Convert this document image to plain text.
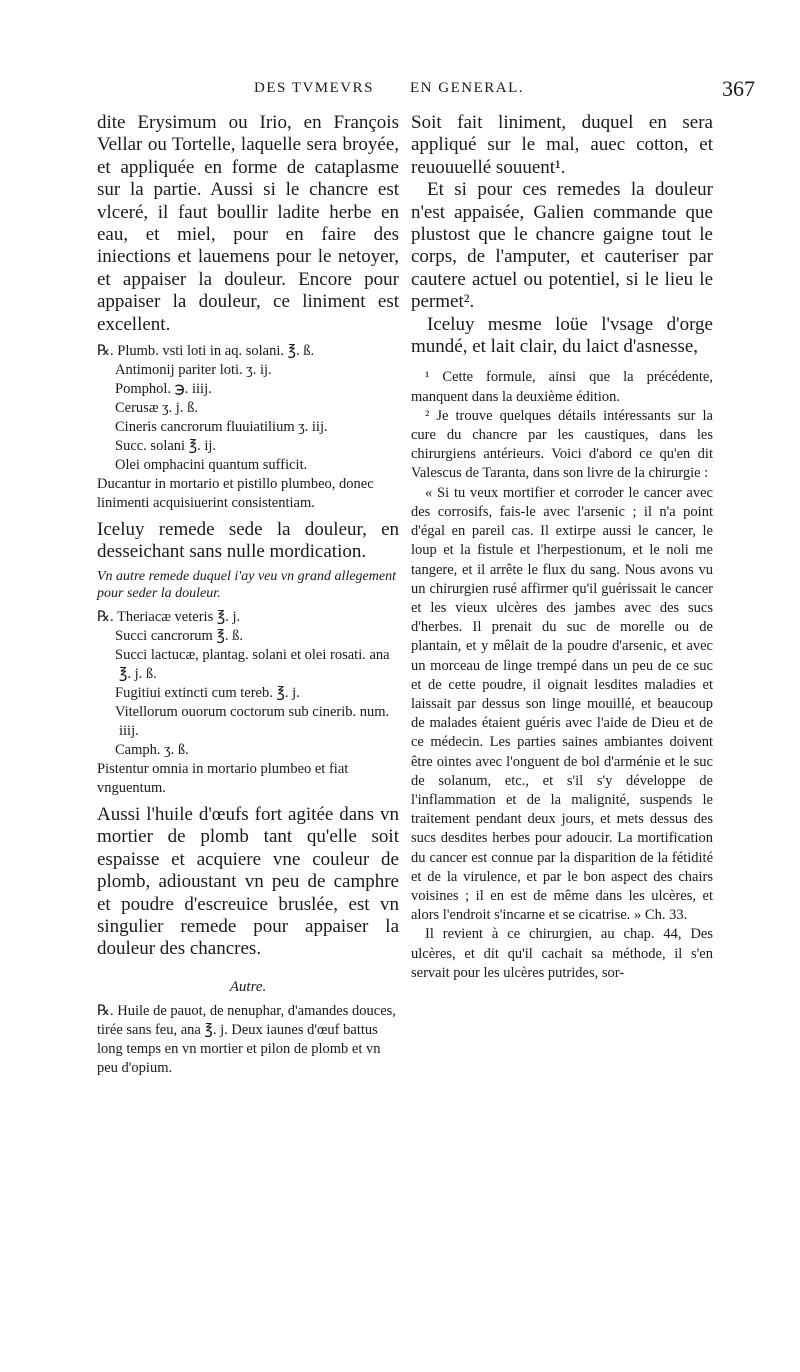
DES TVMEVRS EN GENERAL.	367

dite Erysimum ou Irio, en François Vellar ou Tortelle, laquelle sera broyée, et appliquée en forme de cataplasme sur la partie. Aussi si le chancre est vlceré, il faut boullir ladite herbe en eau, et miel, pour en faire des iniections et lauemens pour le netoyer, et appaiser la douleur. Encore pour appaiser la douleur, ce liniment est excellent.

℞. Plumb. vsti loti in aq. solani. ℥. ß.
Antimonij pariter loti. ʒ. ij.
Pomphol. ℈. iiij.
Cerusæ ʒ. j. ß.
Cineris cancrorum fluuiatilium ʒ. iij.
Succ. solani ℥. ij.
Olei omphacini quantum sufficit.
Ducantur in mortario et pistillo plumbeo, donec linimenti acquisiuerint consistentiam.

Iceluy remede sede la douleur, en desseichant sans nulle mordication.

Vn autre remede duquel i'ay veu vn grand allegement pour seder la douleur.

℞. Theriacæ veteris ℥. j.
Succi cancrorum ℥. ß.
Succi lactucæ, plantag. solani et olei rosati. ana ℥. j. ß.
Fugitiui extincti cum tereb. ℥. j.
Vitellorum ouorum coctorum sub cinerib. num. iiij.
Camph. ʒ. ß.
Pistentur omnia in mortario plumbeo et fiat vnguentum.

Aussi l'huile d'œufs fort agitée dans vn mortier de plomb tant qu'elle soit espaisse et acquiere vne couleur de plomb, adioustant vn peu de camphre et poudre d'escreuice bruslée, est vn singulier remede pour appaiser la douleur des chancres.

Autre.

℞. Huile de pauot, de nenuphar, d'amandes douces, tirée sans feu, ana ℥. j. Deux iaunes d'œuf battus long temps en vn mortier et pilon de plomb et vn peu d'opium.

Soit fait liniment, duquel en sera appliqué sur le mal, auec cotton, et reuouuellé souuent¹.

Et si pour ces remedes la douleur n'est appaisée, Galien commande que plustost que le chancre gaigne tout le corps, de l'amputer, et cauteriser par cautere actuel ou potentiel, si le lieu le permet².

Iceluy mesme loüe l'vsage d'orge mundé, et lait clair, du laict d'asnesse,

¹ Cette formule, ainsi que la précédente, manquent dans la deuxième édition.

² Je trouve quelques détails intéressants sur la cure du chancre par les caustiques, dans les chirurgiens antérieurs. Voici d'abord ce qu'en dit Valescus de Taranta, dans son livre de la chirurgie :

« Si tu veux mortifier et corroder le cancer avec des corrosifs, fais-le avec l'arsenic ; il n'a point d'égal en pareil cas. Il extirpe aussi le cancer, le loup et la fistule et l'herpestionum, et le noli me tangere, et il arrête le flux du sang. Nous avons vu un chirurgien rusé affirmer qu'il guérissait le cancer et les vieux ulcères des jambes avec des sucs d'herbes. Il prenait du suc de morelle ou de plantain, et y mêlait de la poudre d'arsenic, et avec un morceau de linge trempé dans un peu de ce suc et de cette poudre, il oignait lesdites maladies et laissait par dessus son linge mouillé, et beaucoup de malades étaient guéris avec l'aide de Dieu et de ce médecin. Les parties saines ambiantes doivent être ointes avec l'onguent de bol d'arménie et le suc de solanum, etc., et s'il s'y développe de l'inflammation et de la malignité, suspends le traitement pendant deux jours, et mets dessus des sucs desdites herbes pour adoucir. La mortification du cancer est connue par la disparition de la fétidité et de la virulence, et par le bon aspect des chairs voisines ; il en est de même dans les ulcères, et alors l'endroit s'incarne et se cicatrise. » Ch. 33.

Il revient à ce chirurgien, au chap. 44, Des ulcères, et dit qu'il cachait sa méthode, il s'en servait pour les ulcères putrides, sor-
